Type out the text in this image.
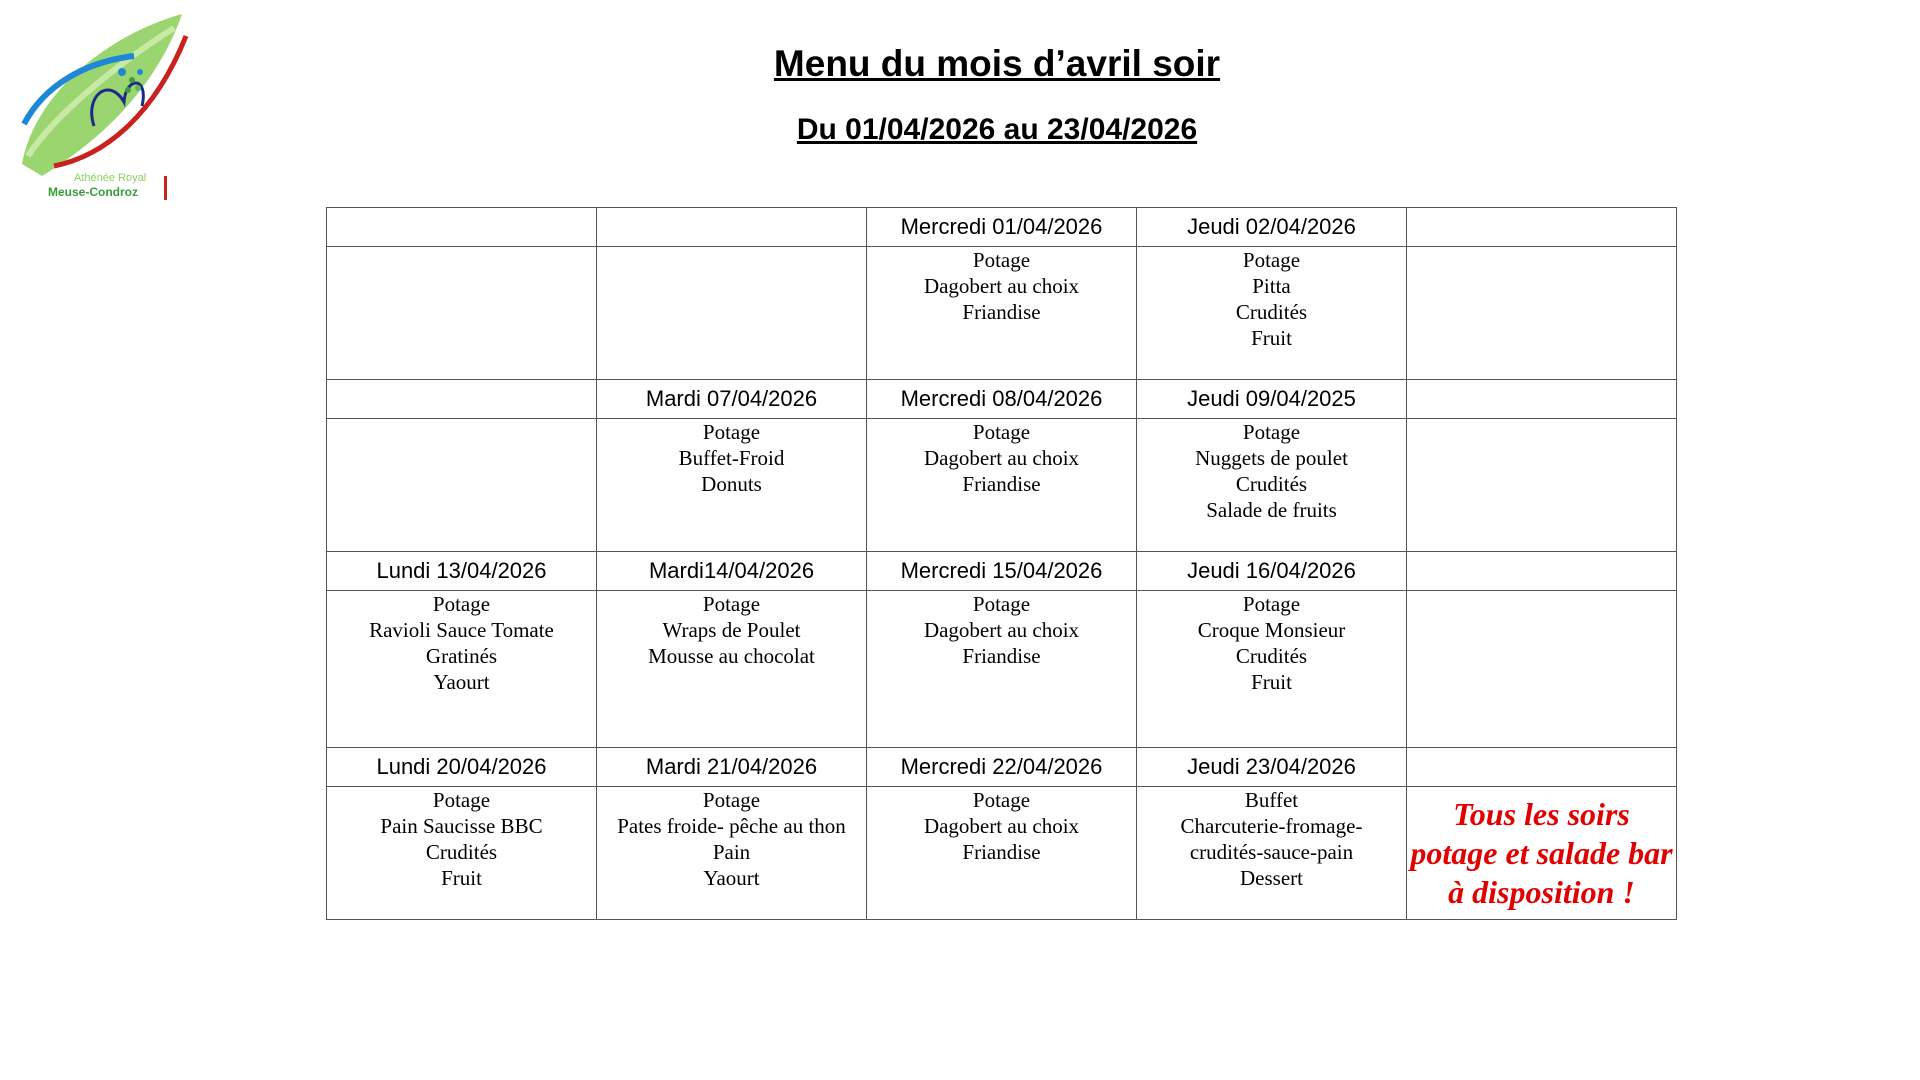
Athénée Royal
Meuse-Condroz
Menu du mois d’avril soir
Du 01/04/2026 au 23/04/2026
		Mercredi 01/04/2026	Jeudi 02/04/2026	

		Potage
Dagobert au choix
Friandise	Potage
Pitta
Crudités
Fruit	

	Mardi 07/04/2026	Mercredi 08/04/2026	Jeudi 09/04/2025	

	Potage
Buffet-Froid
Donuts	Potage
Dagobert au choix
Friandise	Potage
Nuggets de poulet
Crudités
Salade de fruits	

Lundi 13/04/2026	Mardi14/04/2026	Mercredi 15/04/2026	Jeudi 16/04/2026	

Potage
Ravioli Sauce Tomate
Gratinés
Yaourt	Potage
Wraps de Poulet
Mousse au chocolat	Potage
Dagobert au choix
Friandise	Potage
Croque Monsieur
Crudités
Fruit	

Lundi 20/04/2026	Mardi 21/04/2026	Mercredi 22/04/2026	Jeudi 23/04/2026	

Potage
Pain Saucisse BBC
Crudités
Fruit	Potage
Pates froide- pêche au thon
Pain
Yaourt	Potage
Dagobert au choix
Friandise	Buffet
Charcuterie-fromage-
crudités-sauce-pain
Dessert	Tous les soirs potage et salade bar à disposition !
